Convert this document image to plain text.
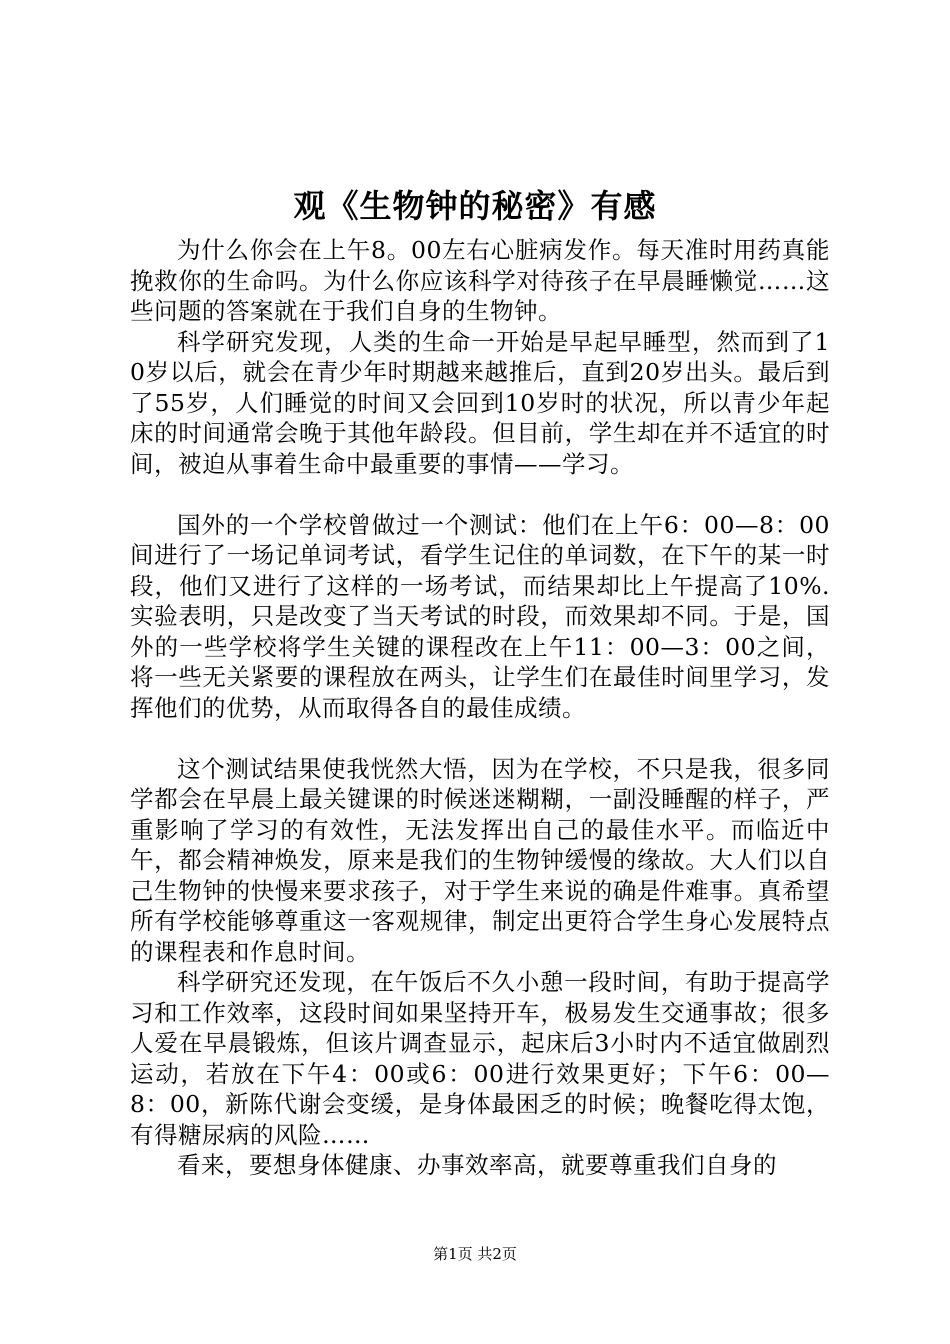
观《生物钟的秘密》有感

为什么你会在上午8。00左右心脏病发作。每天准时用药真能挽救你的生命吗。为什么你应该科学对待孩子在早晨睡懒觉……这些问题的答案就在于我们自身的生物钟。

科学研究发现，人类的生命一开始是早起早睡型，然而到了10岁以后，就会在青少年时期越来越推后，直到20岁出头。最后到了55岁，人们睡觉的时间又会回到10岁时的状况，所以青少年起床的时间通常会晚于其他年龄段。但目前，学生却在并不适宜的时间，被迫从事着生命中最重要的事情——学习。

国外的一个学校曾做过一个测试：他们在上午6：00—8：00间进行了一场记单词考试，看学生记住的单词数，在下午的某一时段，他们又进行了这样的一场考试，而结果却比上午提高了10%.实验表明，只是改变了当天考试的时段，而效果却不同。于是，国外的一些学校将学生关键的课程改在上午11：00—3：00之间，将一些无关紧要的课程放在两头，让学生们在最佳时间里学习，发挥他们的优势，从而取得各自的最佳成绩。

这个测试结果使我恍然大悟，因为在学校，不只是我，很多同学都会在早晨上最关键课的时候迷迷糊糊，一副没睡醒的样子，严重影响了学习的有效性，无法发挥出自己的最佳水平。而临近中午，都会精神焕发，原来是我们的生物钟缓慢的缘故。大人们以自己生物钟的快慢来要求孩子，对于学生来说的确是件难事。真希望所有学校能够尊重这一客观规律，制定出更符合学生身心发展特点的课程表和作息时间。

科学研究还发现，在午饭后不久小憩一段时间，有助于提高学习和工作效率，这段时间如果坚持开车，极易发生交通事故；很多人爱在早晨锻炼，但该片调查显示，起床后3小时内不适宜做剧烈运动，若放在下午4：00或6：00进行效果更好；下午6：00—8：00，新陈代谢会变缓，是身体最困乏的时候；晚餐吃得太饱，有得糖尿病的风险……

看来，要想身体健康、办事效率高，就要尊重我们自身的

第1页 共2页
